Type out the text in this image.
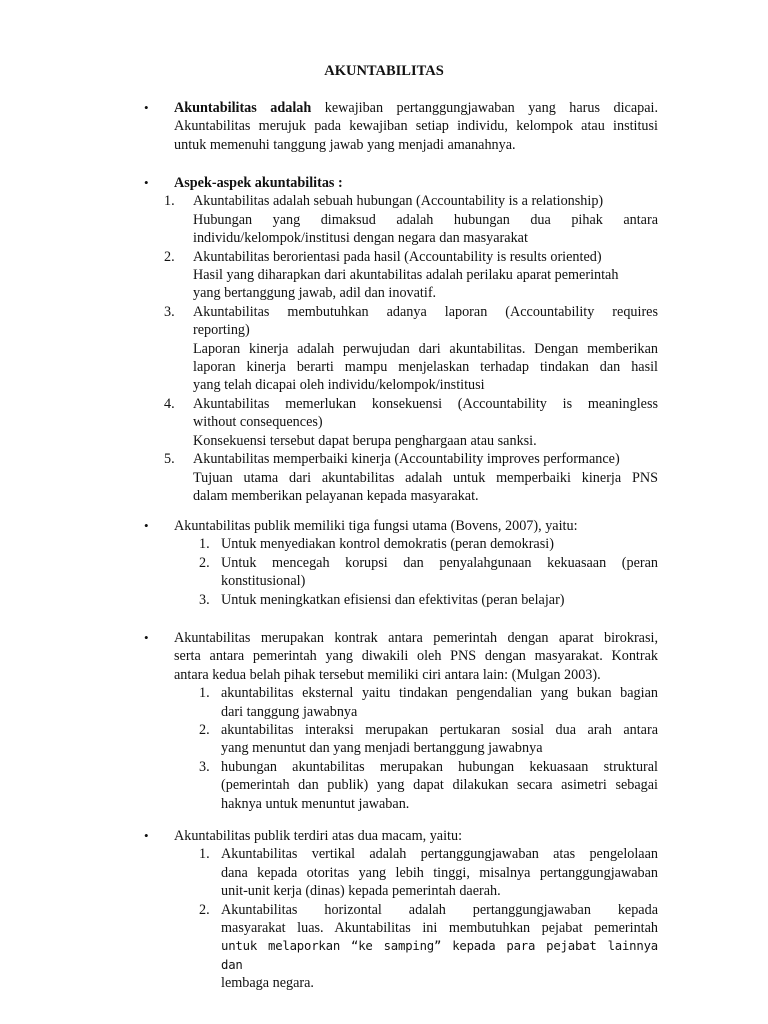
AKUNTABILITAS
• Akuntabilitas adalah kewajiban pertanggungjawaban yang harus dicapai.

Akuntabilitas merujuk pada kewajiban setiap individu, kelompok atau institusi

untuk memenuhi tanggung jawab yang menjadi amanahnya.

• Aspek-aspek akuntabilitas :

1. Akuntabilitas adalah sebuah hubungan (Accountability is a relationship)
Hubungan yang dimaksud adalah hubungan dua pihak antara
individu/kelompok/institusi dengan negara dan masyarakat
2. Akuntabilitas berorientasi pada hasil (Accountability is results oriented)
Hasil yang diharapkan dari akuntabilitas adalah perilaku aparat pemerintah
yang bertanggung jawab, adil dan inovatif.
3. Akuntabilitas membutuhkan adanya laporan (Accountability requires
reporting)
Laporan kinerja adalah perwujudan dari akuntabilitas. Dengan memberikan
laporan kinerja berarti mampu menjelaskan terhadap tindakan dan hasil
yang telah dicapai oleh individu/kelompok/institusi
4. Akuntabilitas memerlukan konsekuensi (Accountability is meaningless
without consequences)
Konsekuensi tersebut dapat berupa penghargaan atau sanksi.
5. Akuntabilitas memperbaiki kinerja (Accountability improves performance)
Tujuan utama dari akuntabilitas adalah untuk memperbaiki kinerja PNS
dalam memberikan pelayanan kepada masyarakat.
• Akuntabilitas publik memiliki tiga fungsi utama (Bovens, 2007), yaitu:

1. Untuk menyediakan kontrol demokratis (peran demokrasi)
2. Untuk mencegah korupsi dan penyalahgunaan kekuasaan (peran
konstitusional)
3. Untuk meningkatkan efisiensi dan efektivitas (peran belajar)
• Akuntabilitas merupakan kontrak antara pemerintah dengan aparat birokrasi,

serta antara pemerintah yang diwakili oleh PNS dengan masyarakat. Kontrak

antara kedua belah pihak tersebut memiliki ciri antara lain: (Mulgan 2003).

1. akuntabilitas eksternal yaitu tindakan pengendalian yang bukan bagian
dari tanggung jawabnya
2. akuntabilitas interaksi merupakan pertukaran sosial dua arah antara
yang menuntut dan yang menjadi bertanggung jawabnya
3. hubungan akuntabilitas merupakan hubungan kekuasaan struktural
(pemerintah dan publik) yang dapat dilakukan secara asimetri sebagai
haknya untuk menuntut jawaban.
• Akuntabilitas publik terdiri atas dua macam, yaitu:

1. Akuntabilitas vertikal adalah pertanggungjawaban atas pengelolaan
dana kepada otoritas yang lebih tinggi, misalnya pertanggungjawaban
unit-unit kerja (dinas) kepada pemerintah daerah.
2. Akuntabilitas horizontal adalah pertanggungjawaban kepada
masyarakat luas. Akuntabilitas ini membutuhkan pejabat pemerintah
untuk melaporkan “ke samping” kepada para pejabat lainnya dan
lembaga negara.
